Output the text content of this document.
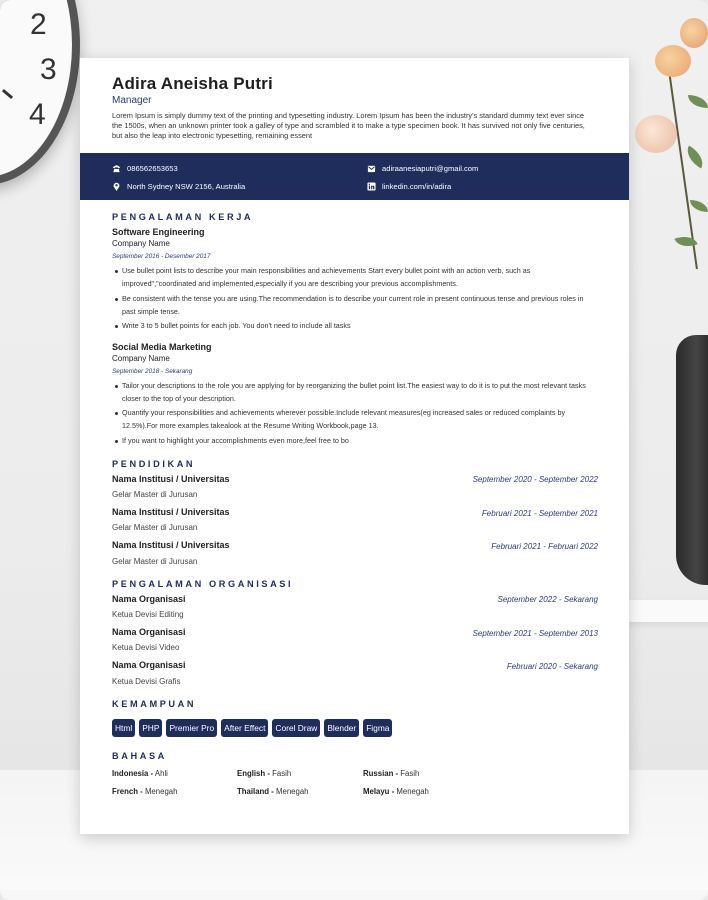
2
3
4
Adira Aneisha Putri
Manager
Lorem Ipsum is simply dummy text of the printing and typesetting industry. Lorem Ipsum has been the industry's standard dummy text ever since the 1500s, when an unknown printer took a galley of type and scrambled it to make a type specimen book. It has survived not only five centuries, but also the leap into electronic typesetting, remaining essent
086562653653	adiraanesiaputri@gmail.com
North Sydney NSW 2156, Australia	linkedin.com/in/adira
PENGALAMAN KERJA
Software Engineering
Company Name
September 2016 - Desember 2017
Use bullet point lists to describe your main responsibilities and achievements Start every bullet point with an action verb, such as improved","coordinated and implemented,especially if you are describing your previous accomplishments.
Be consistent with the tense you are using.The recommendation is to describe your current role in present continuous tense and previous roles in past simple tense.
Write 3 to 5 bullet points for each job. You don't need to include all tasks
Social Media Marketing
Company Name
September 2018 - Sekarang
Tailor your descriptions to the role you are applying for by reorganizing the bullet point list.The easiest way to do it is to put the most relevant tasks closer to the top of your description.
Quantify your responsibilities and achievements wherever possible.Include relevant measures(eg increased sales or reduced complaints by 12.5%).For more examples takealook at the Resume Writing Workbook,page 13.
If you want to highlight your accomplishments even more,feel free to bo
PENDIDIKAN
Nama Institusi / Universitas	September 2020 - September 2022
Gelar Master di Jurusan
Nama Institusi / Universitas	Februari 2021 - September 2021
Gelar Master di Jurusan
Nama Institusi / Universitas	Februari 2021 - Februari 2022
Gelar Master di Jurusan
PENGALAMAN ORGANISASI
Nama Organisasi	September 2022 - Sekarang
Ketua Devisi Editing
Nama Organisasi	September 2021 - September 2013
Ketua Devisi Video
Nama Organisasi	Februari 2020 - Sekarang
Ketua Devisi Grafis
KEMAMPUAN
Html	PHP	Premier Pro	After Effect	Corel Draw	Blender	Figma
BAHASA
Indonesia - Ahli	English - Fasih	Russian - Fasih
French - Menegah	Thailand - Menegah	Melayu - Menegah
